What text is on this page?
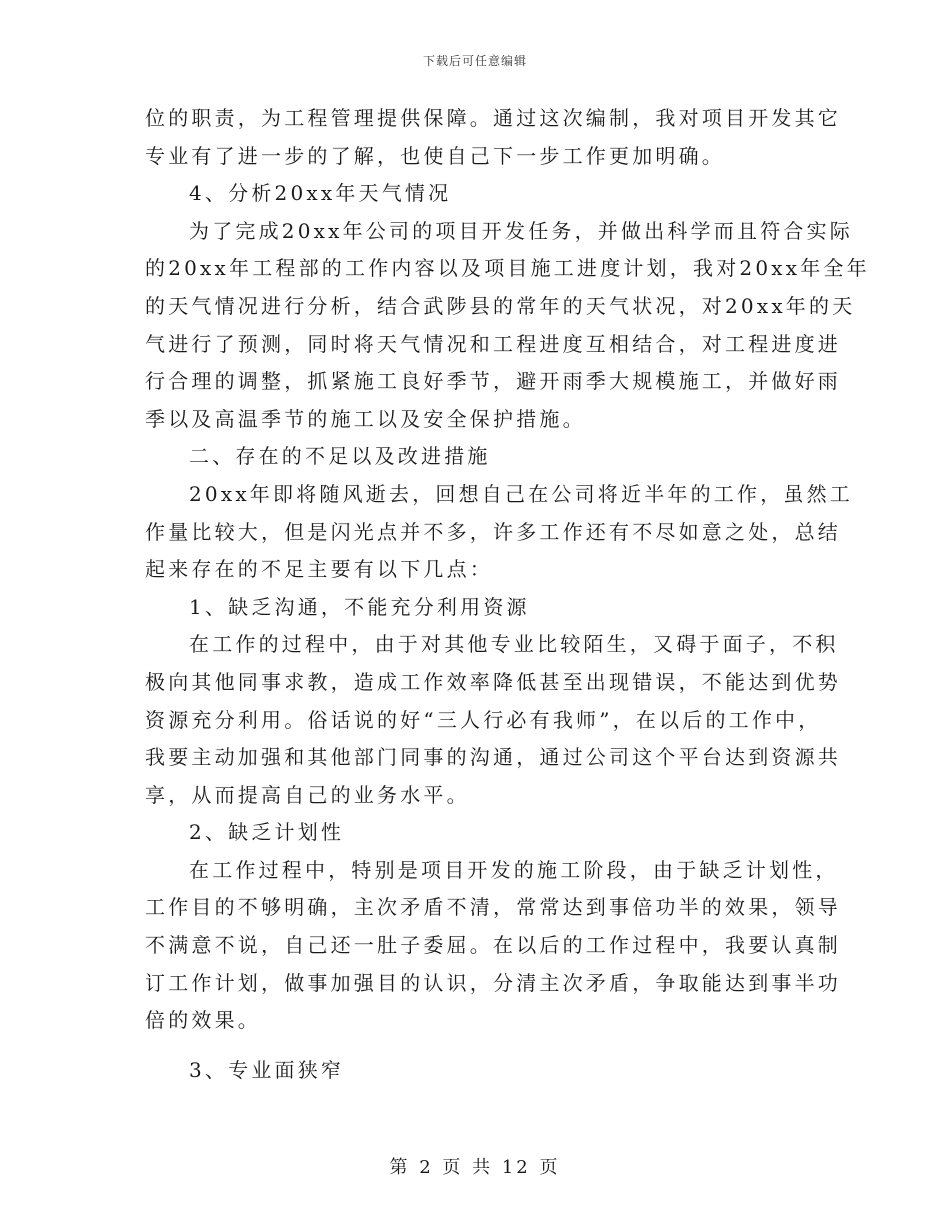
下载后可任意编辑
位的职责，为工程管理提供保障。通过这次编制，我对项目开发其它
专业有了进一步的了解，也使自己下一步工作更加明确。
4、分析20xx年天气情况
为了完成20xx年公司的项目开发任务，并做出科学而且符合实际
的20xx年工程部的工作内容以及项目施工进度计划，我对20xx年全年
的天气情况进行分析，结合武陟县的常年的天气状况，对20xx年的天
气进行了预测，同时将天气情况和工程进度互相结合，对工程进度进
行合理的调整，抓紧施工良好季节，避开雨季大规模施工，并做好雨
季以及高温季节的施工以及安全保护措施。
二、存在的不足以及改进措施
20xx年即将随风逝去，回想自己在公司将近半年的工作，虽然工
作量比较大，但是闪光点并不多，许多工作还有不尽如意之处，总结
起来存在的不足主要有以下几点：
1、缺乏沟通，不能充分利用资源
在工作的过程中，由于对其他专业比较陌生，又碍于面子，不积
极向其他同事求教，造成工作效率降低甚至出现错误，不能达到优势
资源充分利用。俗话说的好“三人行必有我师”，在以后的工作中，
我要主动加强和其他部门同事的沟通，通过公司这个平台达到资源共
享，从而提高自己的业务水平。
2、缺乏计划性
在工作过程中，特别是项目开发的施工阶段，由于缺乏计划性，
工作目的不够明确，主次矛盾不清，常常达到事倍功半的效果，领导
不满意不说，自己还一肚子委屈。在以后的工作过程中，我要认真制
订工作计划，做事加强目的认识，分清主次矛盾，争取能达到事半功
倍的效果。
3、专业面狭窄
第 2 页 共 12 页
